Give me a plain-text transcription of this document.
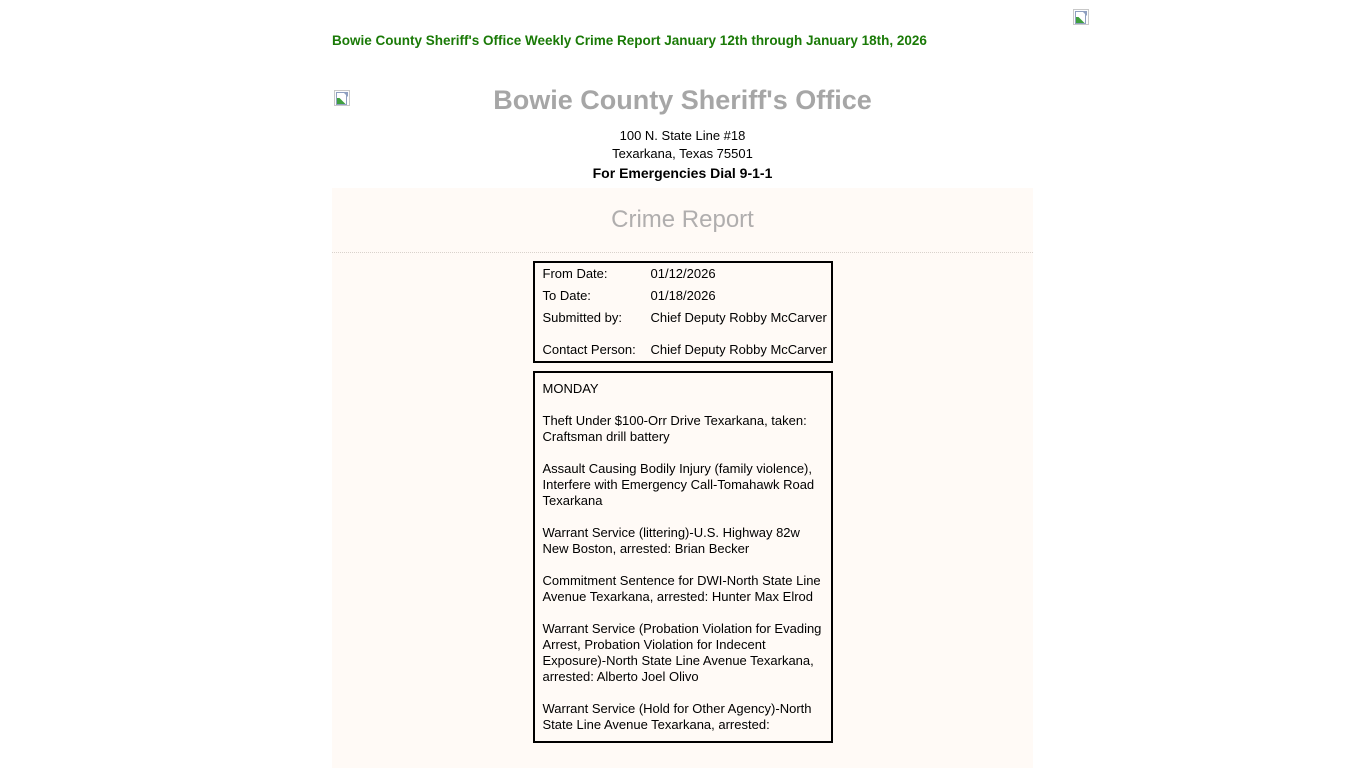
Bowie County Sheriff's Office Weekly Crime Report January 12th through January 18th, 2026
Bowie County Sheriff's Office
100 N. State Line #18
Texarkana, Texas 75501
For Emergencies Dial 9-1-1
Crime Report
From Date:	01/12/2026
To Date:	01/18/2026
Submitted by:	Chief Deputy Robby McCarver

Contact Person:	Chief Deputy Robby McCarver

MONDAY

Theft Under $100-Orr Drive Texarkana, taken: Craftsman drill battery

Assault Causing Bodily Injury (family violence), Interfere with Emergency Call-Tomahawk Road Texarkana

Warrant Service (littering)-U.S. Highway 82w New Boston, arrested: Brian Becker

Commitment Sentence for DWI-North State Line Avenue Texarkana, arrested: Hunter Max Elrod

Warrant Service (Probation Violation for Evading Arrest, Probation Violation for Indecent Exposure)-North State Line Avenue Texarkana, arrested: Alberto Joel Olivo

Warrant Service (Hold for Other Agency)-North State Line Avenue Texarkana, arrested:
